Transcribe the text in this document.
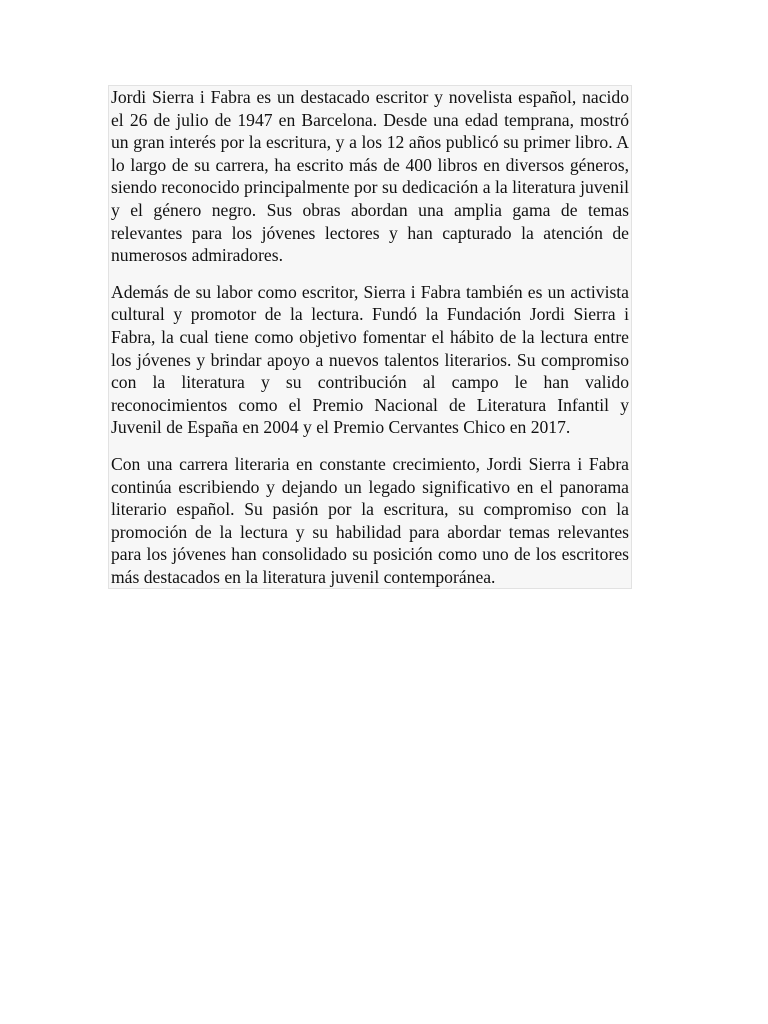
Jordi Sierra i Fabra es un destacado escritor y novelista español, nacido el 26 de julio de 1947 en Barcelona. Desde una edad temprana, mostró un gran interés por la escritura, y a los 12 años publicó su primer libro. A lo largo de su carrera, ha escrito más de 400 libros en diversos géneros, siendo reconocido principalmente por su dedicación a la literatura juvenil y el género negro. Sus obras abordan una amplia gama de temas relevantes para los jóvenes lectores y han capturado la atención de numerosos admiradores.

Además de su labor como escritor, Sierra i Fabra también es un activista cultural y promotor de la lectura. Fundó la Fundación Jordi Sierra i Fabra, la cual tiene como objetivo fomentar el hábito de la lectura entre los jóvenes y brindar apoyo a nuevos talentos literarios. Su compromiso con la literatura y su contribución al campo le han valido reconocimientos como el Premio Nacional de Literatura Infantil y Juvenil de España en 2004 y el Premio Cervantes Chico en 2017.

Con una carrera literaria en constante crecimiento, Jordi Sierra i Fabra continúa escribiendo y dejando un legado significativo en el panorama literario español. Su pasión por la escritura, su compromiso con la promoción de la lectura y su habilidad para abordar temas relevantes para los jóvenes han consolidado su posición como uno de los escritores más destacados en la literatura juvenil contemporánea.
